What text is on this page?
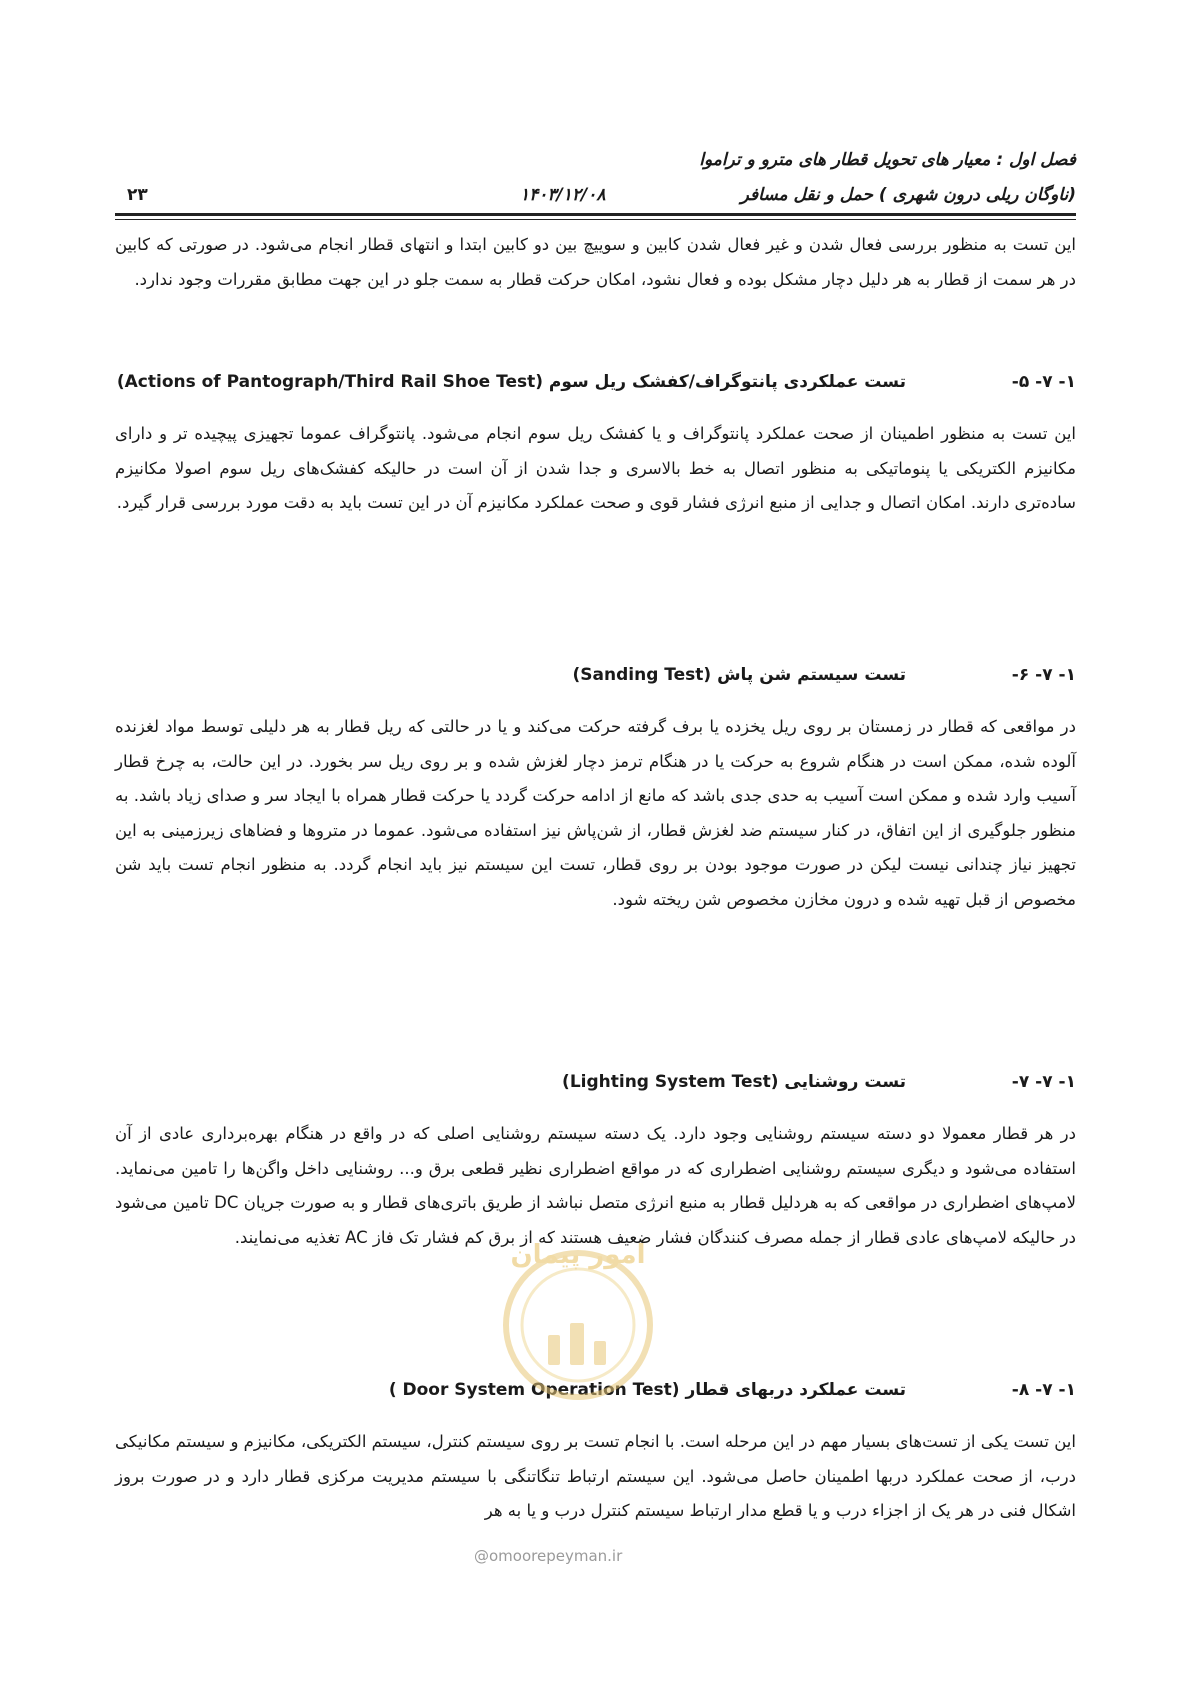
فصل اول : معیار های تحویل قطار های مترو و تراموا
(ناوگان ریلی درون شهری ) حمل و نقل مسافر
۱۴۰۳/۱۲/۰۸
۲۳

این تست به منظور بررسی فعال شدن و غیر فعال شدن کابین و سوییچ بین دو کابین ابتدا و انتهای قطار انجام می‌شود. در صورتی که کابین در هر سمت از قطار به هر دلیل دچار مشکل بوده و فعال نشود، امکان حرکت قطار به سمت جلو در این جهت مطابق مقررات وجود ندارد.

۱- ۷- ۵-
تست عملکردی پانتوگراف/کفشک ریل سوم (Actions of Pantograph/Third Rail Shoe Test)

این تست به منظور اطمینان از صحت عملکرد پانتوگراف و یا کفشک ریل سوم انجام می‌شود. پانتوگراف عموما تجهیزی پیچیده تر و دارای مکانیزم الکتریکی یا پنوماتیکی به منظور اتصال به خط بالاسری و جدا شدن از آن است در حالیکه کفشک‌های ریل سوم اصولا مکانیزم ساده‌تری دارند. امکان اتصال و جدایی از منبع انرژی فشار قوی و صحت عملکرد مکانیزم آن در این تست باید به دقت مورد بررسی قرار گیرد.

۱- ۷- ۶-
تست سیستم شن پاش (Sanding Test)

در مواقعی که قطار در زمستان بر روی ریل یخزده یا برف گرفته حرکت می‌کند و یا در حالتی که ریل قطار به هر دلیلی توسط مواد لغزنده آلوده شده، ممکن است در هنگام شروع به حرکت یا در هنگام ترمز دچار لغزش شده و بر روی ریل سر بخورد. در این حالت، به چرخ قطار آسیب وارد شده و ممکن است آسیب به حدی جدی باشد که مانع از ادامه حرکت گردد یا حرکت قطار همراه با ایجاد سر و صدای زیاد باشد. به منظور جلوگیری از این اتفاق، در کنار سیستم ضد لغزش قطار، از شن‌پاش نیز استفاده می‌شود. عموما در متروها و فضاهای زیرزمینی به این تجهیز نیاز چندانی نیست لیکن در صورت موجود بودن بر روی قطار، تست این سیستم نیز باید انجام گردد. به منظور انجام تست باید شن مخصوص از قبل تهیه شده و درون مخازن مخصوص شن ریخته شود.

۱- ۷- ۷-
تست روشنایی (Lighting System Test)

در هر قطار معمولا دو دسته سیستم روشنایی وجود دارد. یک دسته سیستم روشنایی اصلی که در واقع در هنگام بهره‌برداری عادی از آن استفاده می‌شود و دیگری سیستم روشنایی اضطراری که در مواقع اضطراری نظیر قطعی برق و... روشنایی داخل واگن‌ها را تامین می‌نماید. لامپ‌های اضطراری در مواقعی که به هردلیل قطار به منبع انرژی متصل نباشد از طریق باتری‌های قطار و به صورت جریان DC تامین می‌شود در حالیکه لامپ‌های عادی قطار از جمله مصرف کنندگان فشار ضعیف هستند که از برق کم فشار تک فاز AC تغذیه می‌نمایند.

۱- ۷- ۸-
تست عملکرد دربهای قطار (Door System Operation Test )

این تست یکی از تست‌های بسیار مهم در این مرحله است. با انجام تست بر روی سیستم کنترل، سیستم الکتریکی، مکانیزم و سیستم مکانیکی درب، از صحت عملکرد دربها اطمینان حاصل می‌شود. این سیستم ارتباط تنگاتنگی با سیستم مدیریت مرکزی قطار دارد و در صورت بروز اشکال فنی در هر یک از اجزاء درب و یا قطع مدار ارتباط سیستم کنترل درب و یا به هر

امور پیمان
@omoorepeyman.ir
